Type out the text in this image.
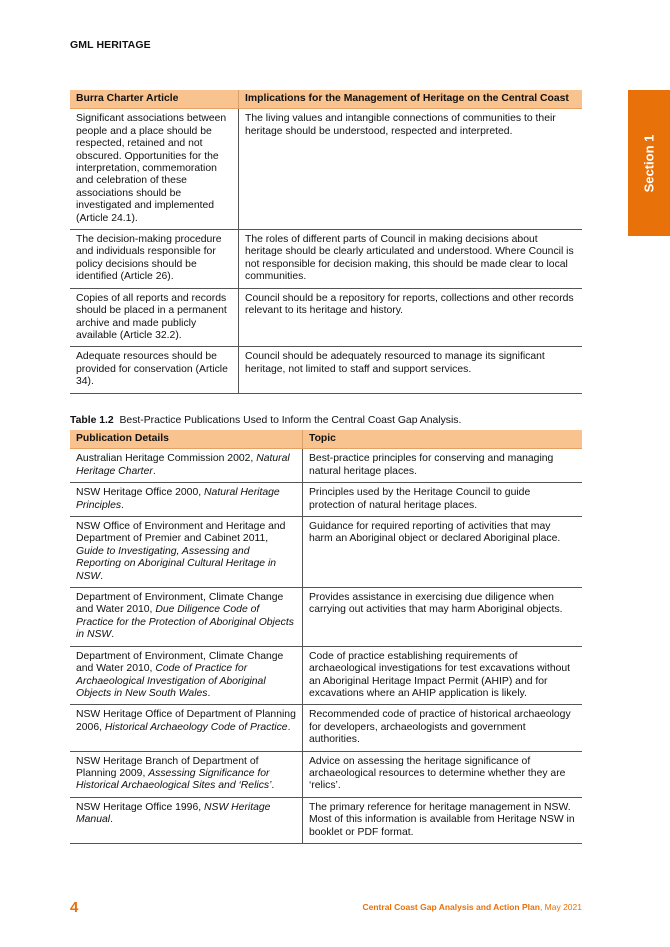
GML HERITAGE
Section 1
Burra Charter Article	Implications for the Management of Heritage on the Central Coast
Significant associations between people and a place should be respected, retained and not obscured. Opportunities for the interpretation, commemoration and celebration of these associations should be investigated and implemented (Article 24.1).	The living values and intangible connections of communities to their heritage should be understood, respected and interpreted.
The decision-making procedure and individuals responsible for policy decisions should be identified (Article 26).	The roles of different parts of Council in making decisions about heritage should be clearly articulated and understood. Where Council is not responsible for decision making, this should be made clear to local communities.
Copies of all reports and records should be placed in a permanent archive and made publicly available (Article 32.2).	Council should be a repository for reports, collections and other records relevant to its heritage and history.
Adequate resources should be provided for conservation (Article 34).	Council should be adequately resourced to manage its significant heritage, not limited to staff and support services.
Table 1.2 Best-Practice Publications Used to Inform the Central Coast Gap Analysis.
Publication Details	Topic
Australian Heritage Commission 2002, Natural Heritage Charter.	Best-practice principles for conserving and managing natural heritage places.
NSW Heritage Office 2000, Natural Heritage Principles.	Principles used by the Heritage Council to guide protection of natural heritage places.
NSW Office of Environment and Heritage and Department of Premier and Cabinet 2011, Guide to Investigating, Assessing and Reporting on Aboriginal Cultural Heritage in NSW.	Guidance for required reporting of activities that may harm an Aboriginal object or declared Aboriginal place.
Department of Environment, Climate Change and Water 2010, Due Diligence Code of Practice for the Protection of Aboriginal Objects in NSW.	Provides assistance in exercising due diligence when carrying out activities that may harm Aboriginal objects.
Department of Environment, Climate Change and Water 2010, Code of Practice for Archaeological Investigation of Aboriginal Objects in New South Wales.	Code of practice establishing requirements of archaeological investigations for test excavations without an Aboriginal Heritage Impact Permit (AHIP) and for excavations where an AHIP application is likely.
NSW Heritage Office of Department of Planning 2006, Historical Archaeology Code of Practice.	Recommended code of practice of historical archaeology for developers, archaeologists and government authorities.
NSW Heritage Branch of Department of Planning 2009, Assessing Significance for Historical Archaeological Sites and ‘Relics’.	Advice on assessing the heritage significance of archaeological resources to determine whether they are ‘relics’.
NSW Heritage Office 1996, NSW Heritage Manual.	The primary reference for heritage management in NSW. Most of this information is available from Heritage NSW in booklet or PDF format.
4	Central Coast Gap Analysis and Action Plan, May 2021
